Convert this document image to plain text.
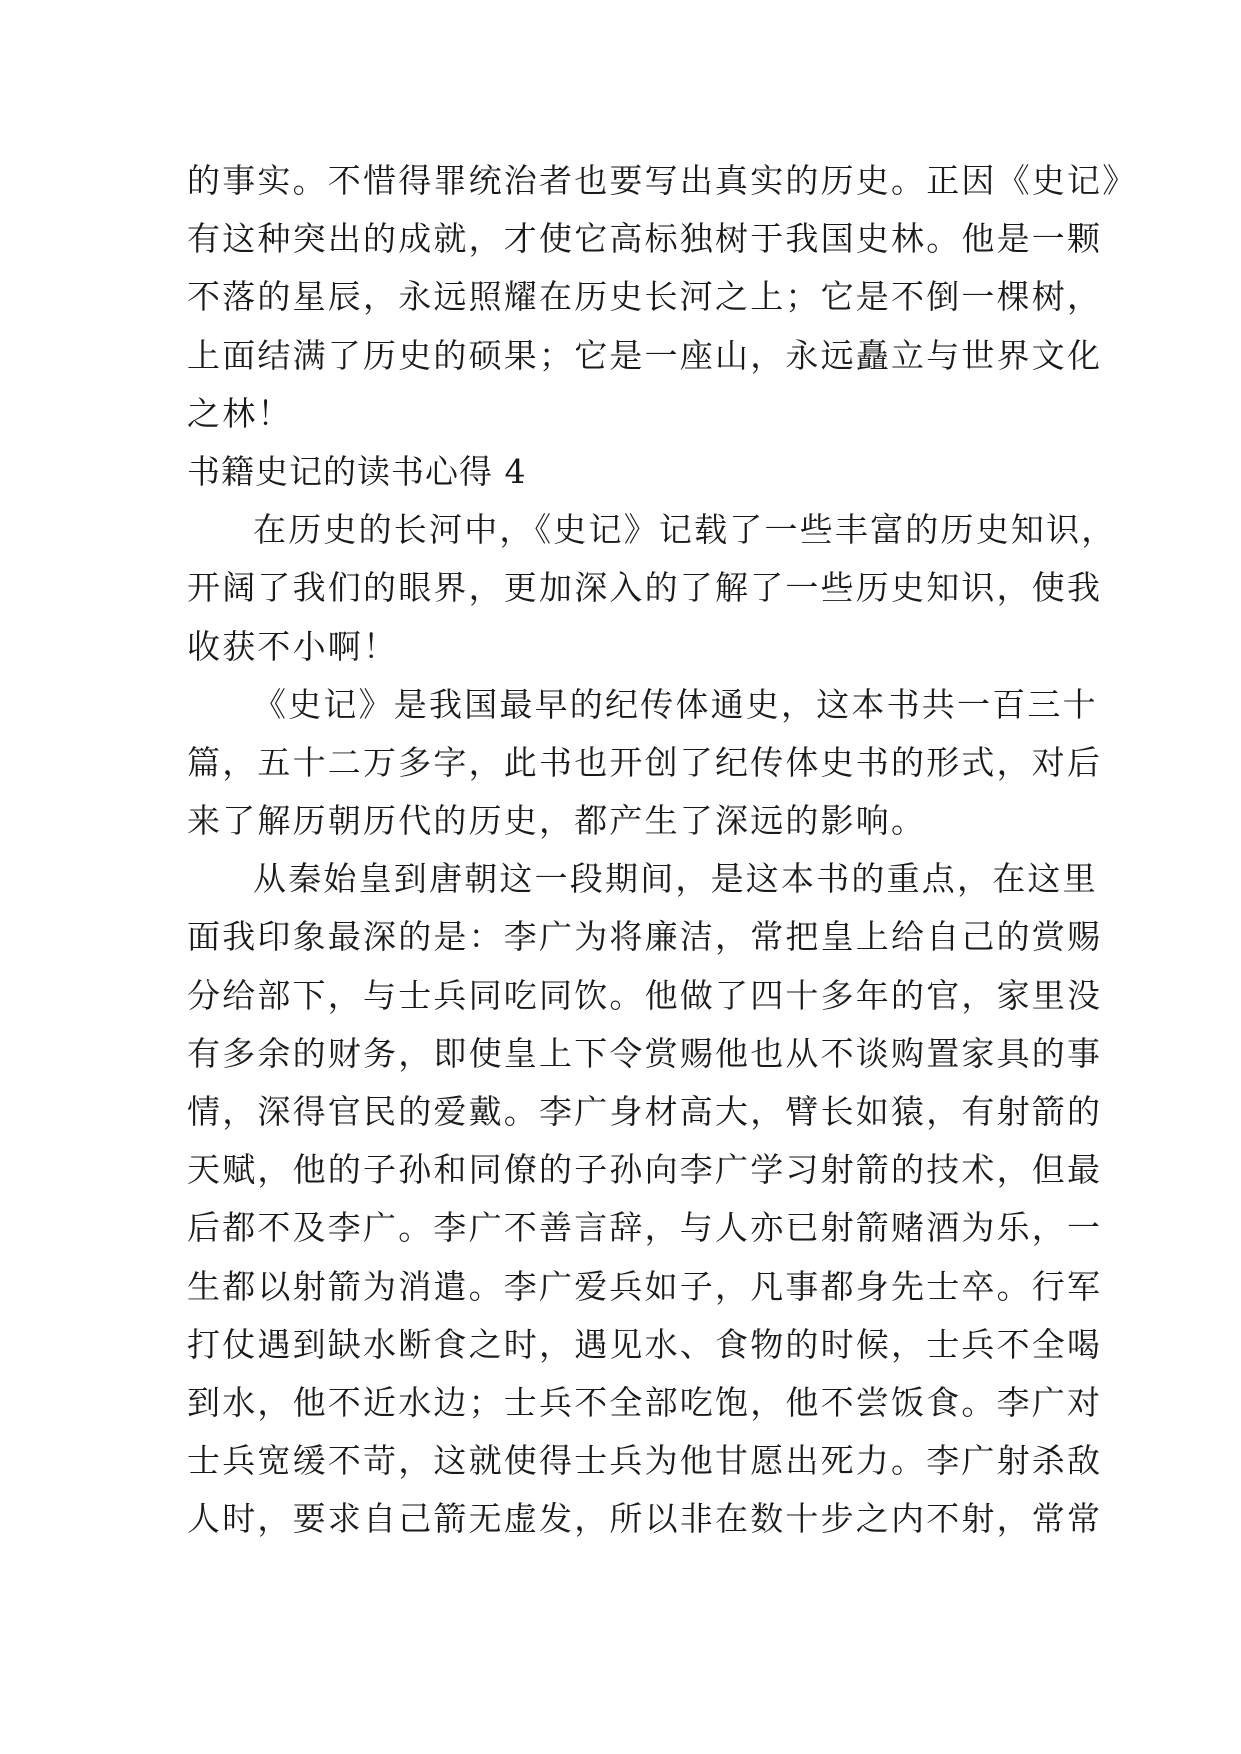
的事实。不惜得罪统治者也要写出真实的历史。正因《史记》
有这种突出的成就，才使它高标独树于我国史林。他是一颗
不落的星辰，永远照耀在历史长河之上；它是不倒一棵树，
上面结满了历史的硕果；它是一座山，永远矗立与世界文化
之林！
书籍史记的读书心得 4
在历史的长河中，《史记》记载了一些丰富的历史知识，
开阔了我们的眼界，更加深入的了解了一些历史知识，使我
收获不小啊！
《史记》是我国最早的纪传体通史，这本书共一百三十
篇，五十二万多字，此书也开创了纪传体史书的形式，对后
来了解历朝历代的历史，都产生了深远的影响。
从秦始皇到唐朝这一段期间，是这本书的重点，在这里
面我印象最深的是：李广为将廉洁，常把皇上给自己的赏赐
分给部下，与士兵同吃同饮。他做了四十多年的官，家里没
有多余的财务，即使皇上下令赏赐他也从不谈购置家具的事
情，深得官民的爱戴。李广身材高大，臂长如猿，有射箭的
天赋，他的子孙和同僚的子孙向李广学习射箭的技术，但最
后都不及李广。李广不善言辞，与人亦已射箭赌酒为乐，一
生都以射箭为消遣。李广爱兵如子，凡事都身先士卒。行军
打仗遇到缺水断食之时，遇见水、食物的时候，士兵不全喝
到水，他不近水边；士兵不全部吃饱，他不尝饭食。李广对
士兵宽缓不苛，这就使得士兵为他甘愿出死力。李广射杀敌
人时，要求自己箭无虚发，所以非在数十步之内不射，常常
